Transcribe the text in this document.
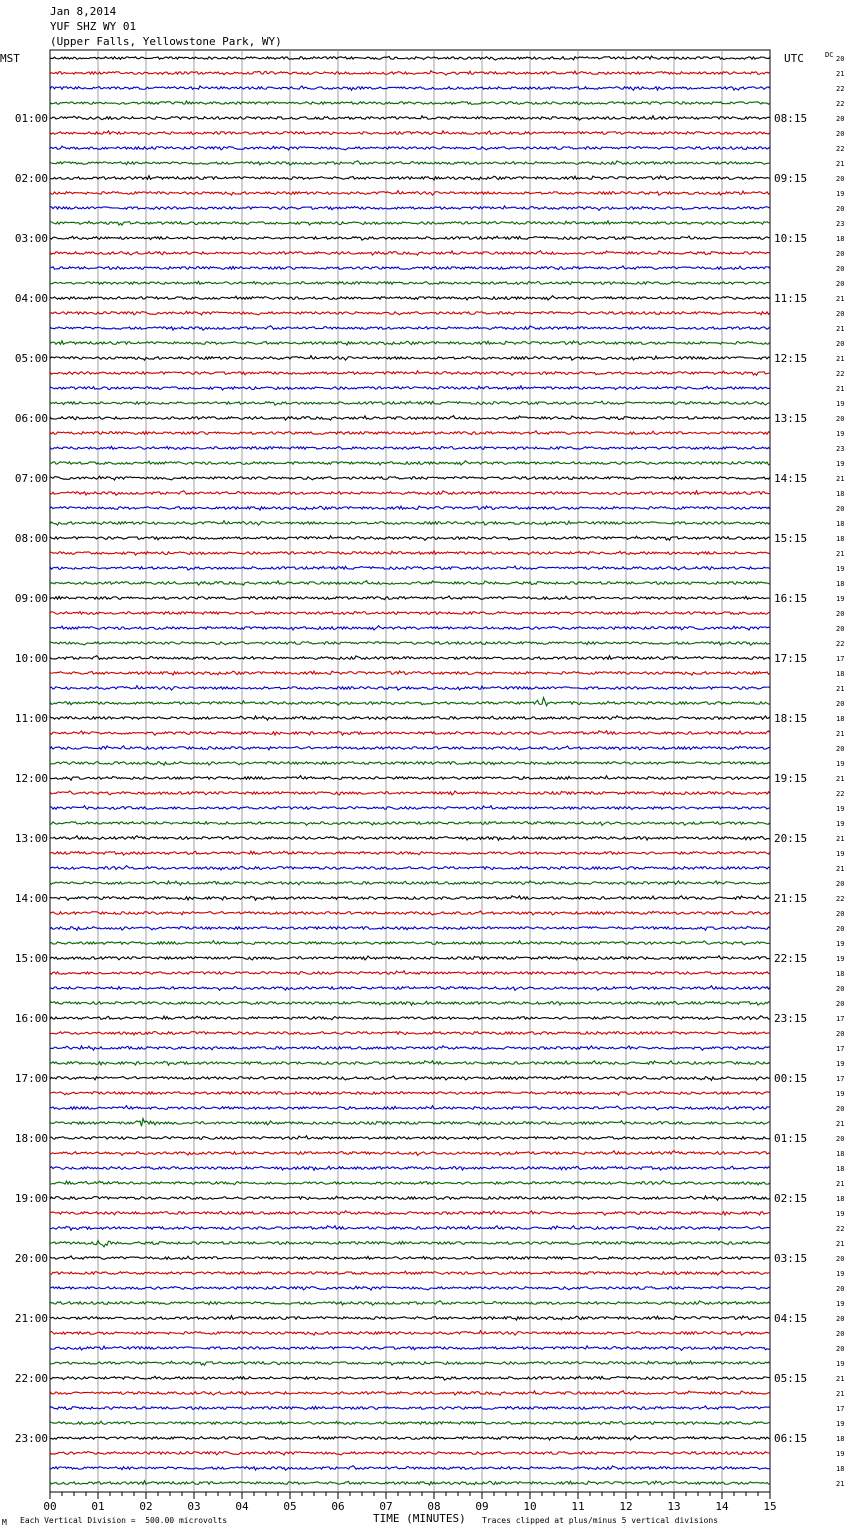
Jan 8,2014
YUF SHZ WY 01
(Upper Falls, Yellowstone Park, WY)
20
21
22
22
20
20
22
21
20
19
20
23
18
20
20
20
21
20
21
20
21
22
21
19
20
19
23
19
21
18
20
18
18
21
19
18
19
20
20
22
17
18
21
20
18
21
20
19
21
22
19
19
21
19
21
20
22
20
20
19
19
18
20
20
17
20
17
19
17
19
20
21
20
18
18
21
18
19
22
21
20
19
20
19
20
20
20
19
21
21
17
19
18
19
18
21
DC
MST	UTC
01:00	08:15
02:00	09:15
03:00	10:15
04:00	11:15
05:00	12:15
06:00	13:15
07:00	14:15
08:00	15:15
09:00	16:15
10:00	17:15
11:00	18:15
12:00	19:15
13:00	20:15
14:00	21:15
15:00	22:15
16:00	23:15
17:00	00:15
18:00	01:15
19:00	02:15
20:00	03:15
21:00	04:15
22:00	05:15
23:00	06:15
00	01	02	03	04	05	06	07	08	09	10	11	12	13	14	15
M Each Vertical Division =  500.00 microvolts	TIME (MINUTES) Traces clipped at plus/minus 5 vertical divisions
